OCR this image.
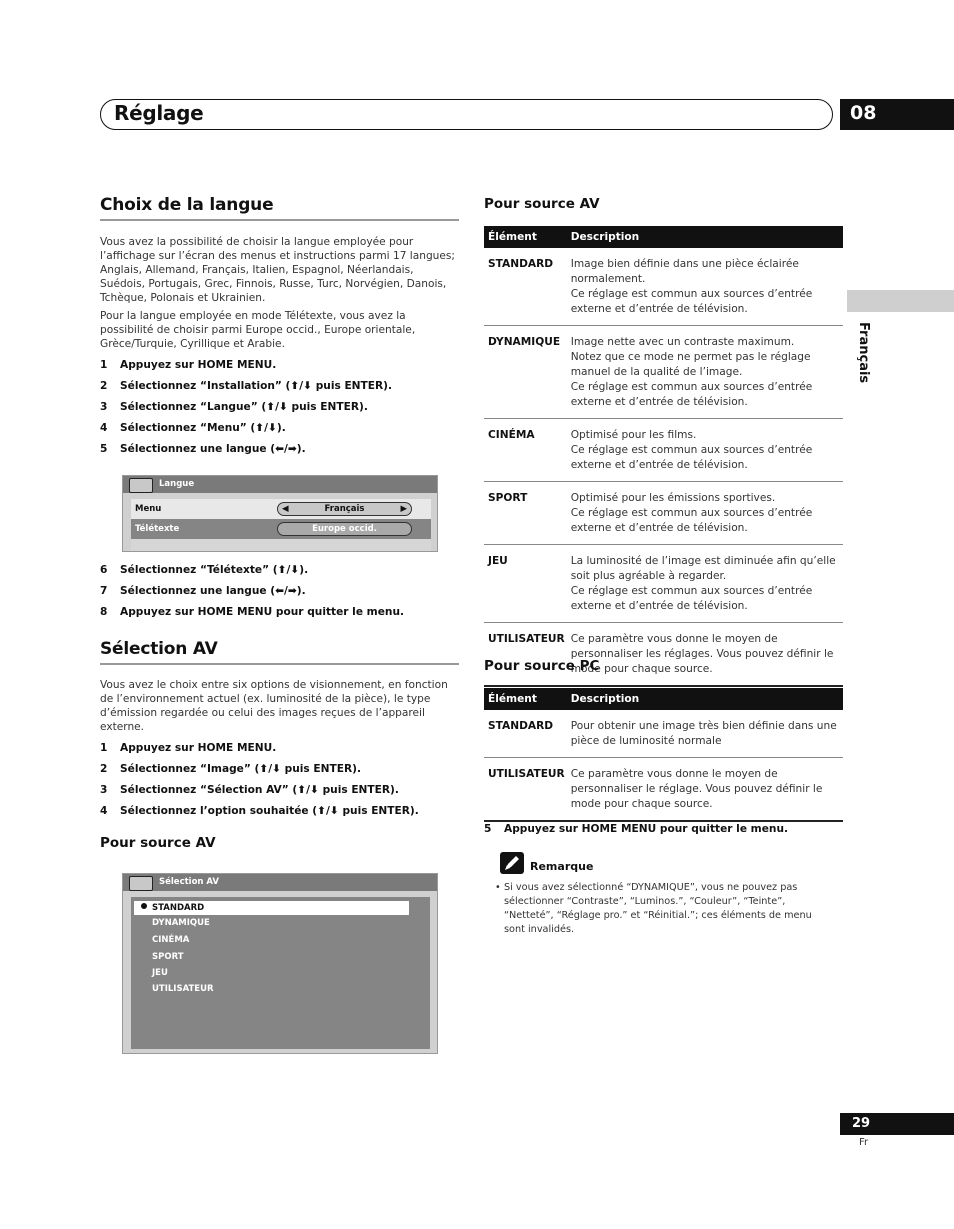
Réglage	08
Français
Choix de la langue
Vous avez la possibilité de choisir la langue employée pour l’affichage sur l’écran des menus et instructions parmi 17 langues; Anglais, Allemand, Français, Italien, Espagnol, Néerlandais, Suédois, Portugais, Grec, Finnois, Russe, Turc, Norvégien, Danois, Tchèque, Polonais et Ukrainien.
Pour la langue employée en mode Télétexte, vous avez la possibilité de choisir parmi Europe occid., Europe orientale, Grèce/Turquie, Cyrillique et Arabie.
1	Appuyez sur HOME MENU.
2	Sélectionnez “Installation” (⬆/⬇ puis ENTER).
3	Sélectionnez “Langue” (⬆/⬇ puis ENTER).
4	Sélectionnez “Menu” (⬆/⬇).
5	Sélectionnez une langue (⬅/➡).
Langue
Menu	◀	Français	▶
Télétexte	Europe occid.
6	Sélectionnez “Télétexte” (⬆/⬇).
7	Sélectionnez une langue (⬅/➡).
8	Appuyez sur HOME MENU pour quitter le menu.
Sélection AV
Vous avez le choix entre six options de visionnement, en fonction de l’environnement actuel (ex. luminosité de la pièce), le type d’émission regardée ou celui des images reçues de l’appareil externe.
1	Appuyez sur HOME MENU.
2	Sélectionnez “Image” (⬆/⬇ puis ENTER).
3	Sélectionnez “Sélection AV” (⬆/⬇ puis ENTER).
4	Sélectionnez l’option souhaitée (⬆/⬇ puis ENTER).
Pour source AV
Sélection AV
STANDARD
DYNAMIQUE
CINÉMA
SPORT
JEU
UTILISATEUR
Pour source AV
Élément	Description
STANDARD	Image bien définie dans une pièce éclairée normalement.
Ce réglage est commun aux sources d’entrée externe et d’entrée de télévision.

DYNAMIQUE	Image nette avec un contraste maximum.
Notez que ce mode ne permet pas le réglage manuel de la qualité de l’image.
Ce réglage est commun aux sources d’entrée externe et d’entrée de télévision.

CINÉMA	Optimisé pour les films.
Ce réglage est commun aux sources d’entrée externe et d’entrée de télévision.

SPORT	Optimisé pour les émissions sportives.
Ce réglage est commun aux sources d’entrée externe et d’entrée de télévision.

JEU	La luminosité de l’image est diminuée afin qu’elle soit plus agréable à regarder.
Ce réglage est commun aux sources d’entrée externe et d’entrée de télévision.

UTILISATEUR	Ce paramètre vous donne le moyen de personnaliser les réglages. Vous pouvez définir le mode pour chaque source.
Pour source PC
Élément	Description
STANDARD	Pour obtenir une image très bien définie dans une pièce de luminosité normale

UTILISATEUR	Ce paramètre vous donne le moyen de personnaliser le réglage. Vous pouvez définir le mode pour chaque source.
5	Appuyez sur HOME MENU pour quitter le menu.
Remarque
• Si vous avez sélectionné “DYNAMIQUE”, vous ne pouvez pas sélectionner “Contraste”, “Luminos.”, “Couleur”, “Teinte”, “Netteté”, “Réglage pro.” et “Réinitial.”; ces éléments de menu sont invalidés.
29
Fr
